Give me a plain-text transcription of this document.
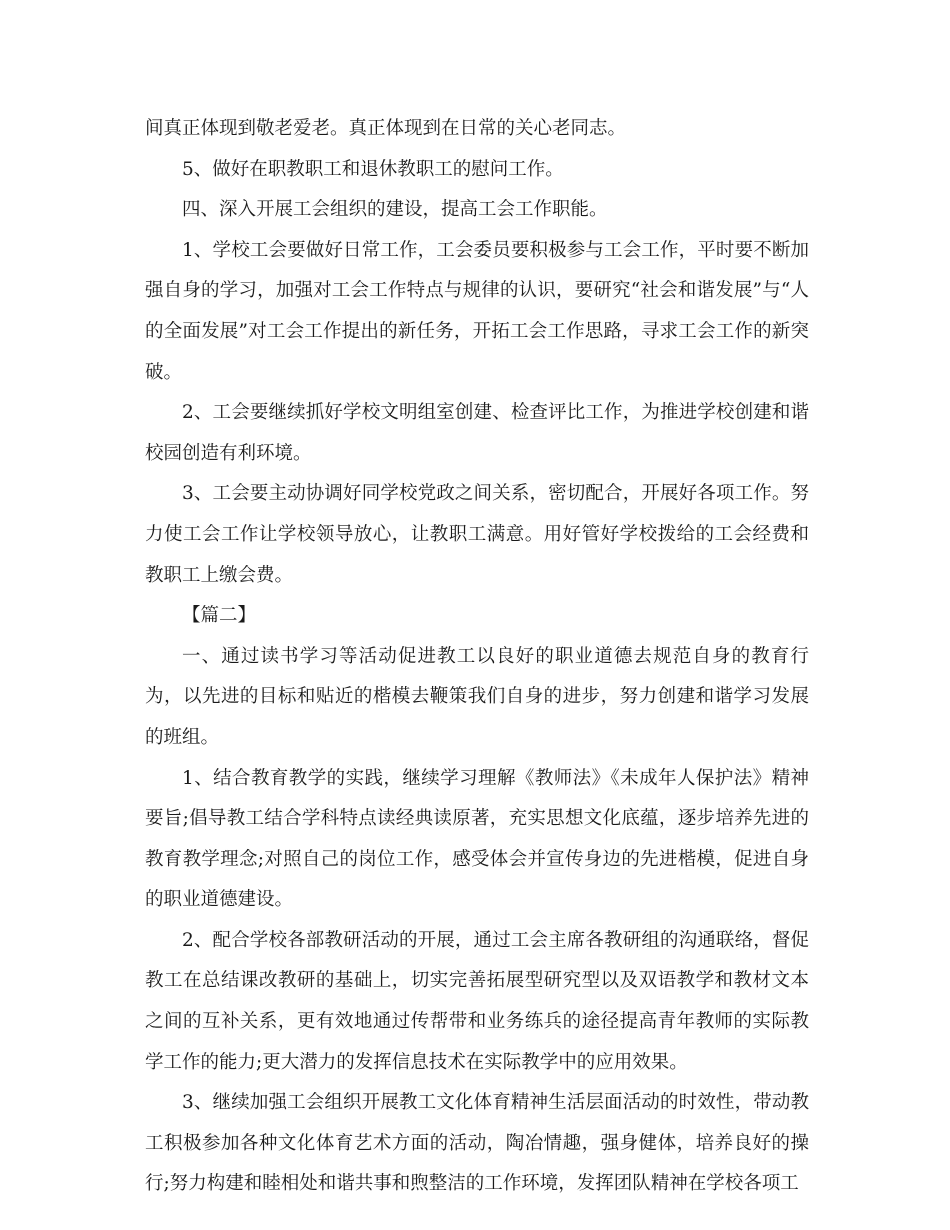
间真正体现到敬老爱老。真正体现到在日常的关心老同志。
5、做好在职教职工和退休教职工的慰问工作。
四、深入开展工会组织的建设，提高工会工作职能。
1、学校工会要做好日常工作，工会委员要积极参与工会工作，平时要不断加
强自身的学习，加强对工会工作特点与规律的认识，要研究“社会和谐发展”与“人
的全面发展”对工会工作提出的新任务，开拓工会工作思路，寻求工会工作的新突
破。
2、工会要继续抓好学校文明组室创建、检查评比工作，为推进学校创建和谐
校园创造有利环境。
3、工会要主动协调好同学校党政之间关系，密切配合，开展好各项工作。努
力使工会工作让学校领导放心，让教职工满意。用好管好学校拨给的工会经费和
教职工上缴会费。
【篇二】
一、通过读书学习等活动促进教工以良好的职业道德去规范自身的教育行
为，以先进的目标和贴近的楷模去鞭策我们自身的进步，努力创建和谐学习发展
的班组。
1、结合教育教学的实践，继续学习理解《教师法》《未成年人保护法》精神
要旨;倡导教工结合学科特点读经典读原著，充实思想文化底蕴，逐步培养先进的
教育教学理念;对照自己的岗位工作，感受体会并宣传身边的先进楷模，促进自身
的职业道德建设。
2、配合学校各部教研活动的开展，通过工会主席各教研组的沟通联络，督促
教工在总结课改教研的基础上，切实完善拓展型研究型以及双语教学和教材文本
之间的互补关系，更有效地通过传帮带和业务练兵的途径提高青年教师的实际教
学工作的能力;更大潜力的发挥信息技术在实际教学中的应用效果。
3、继续加强工会组织开展教工文化体育精神生活层面活动的时效性，带动教
工积极参加各种文化体育艺术方面的活动，陶冶情趣，强身健体，培养良好的操
行;努力构建和睦相处和谐共事和煦整洁的工作环境，发挥团队精神在学校各项工
